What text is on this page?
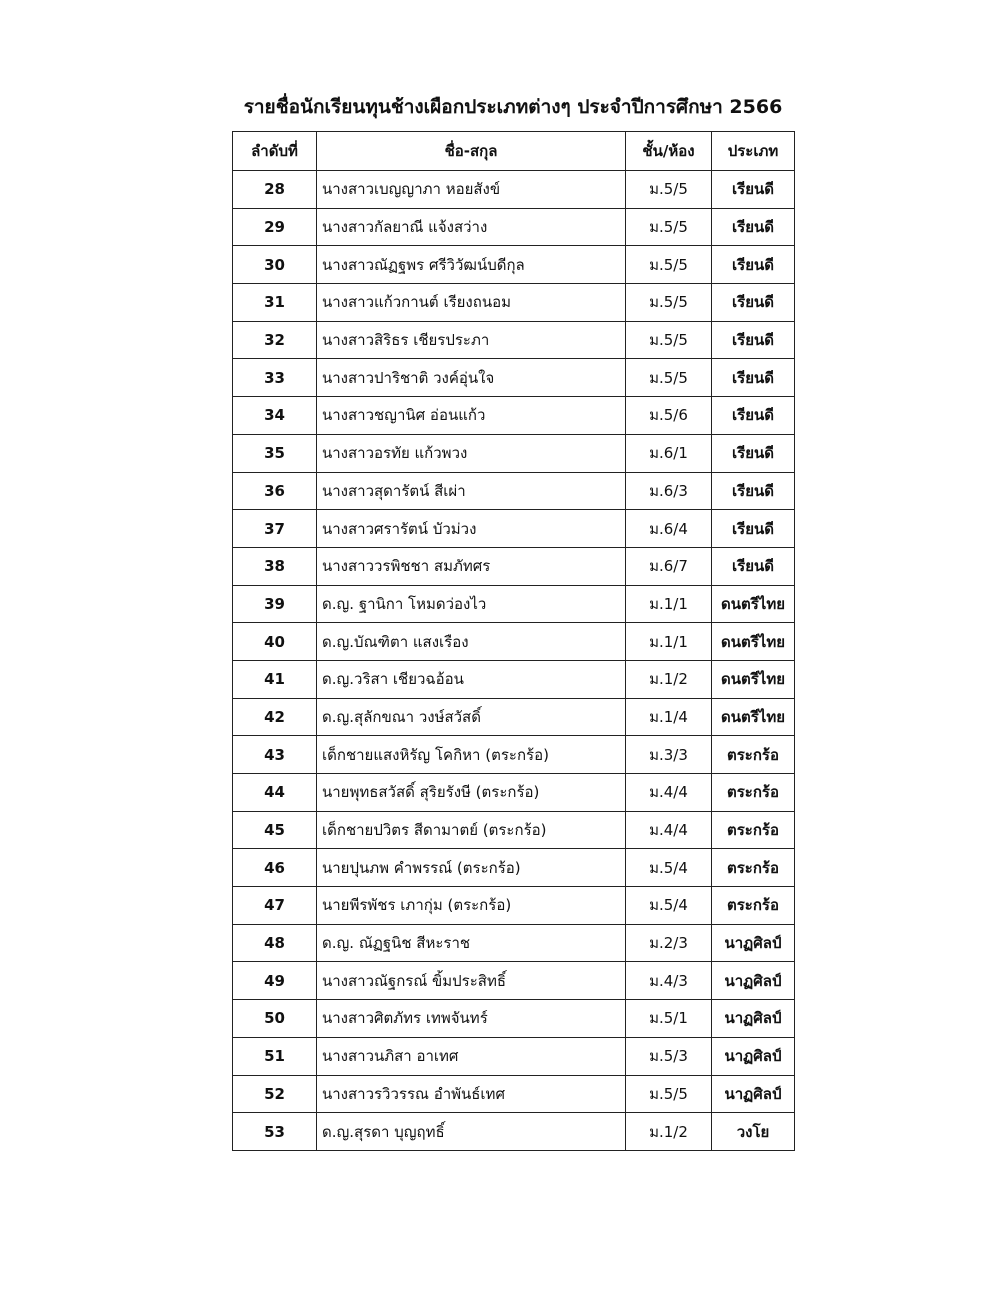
รายชื่อนักเรียนทุนช้างเผือกประเภทต่างๆ ประจำปีการศึกษา 2566
ลำดับที่	ชื่อ-สกุล	ชั้น/ห้อง	ประเภท
28	นางสาวเบญญาภา หอยสังข์	ม.5/5	เรียนดี
29	นางสาวกัลยาณี แจ้งสว่าง	ม.5/5	เรียนดี
30	นางสาวณัฏฐพร ศรีวิวัฒน์บดีกุล	ม.5/5	เรียนดี
31	นางสาวแก้วกานต์ เรียงถนอม	ม.5/5	เรียนดี
32	นางสาวสิริธร เชียรประภา	ม.5/5	เรียนดี
33	นางสาวปาริชาติ วงค์อุ่นใจ	ม.5/5	เรียนดี
34	นางสาวชญานิศ อ่อนแก้ว	ม.5/6	เรียนดี
35	นางสาวอรทัย แก้วพวง	ม.6/1	เรียนดี
36	นางสาวสุดารัตน์ สีเผ่า	ม.6/3	เรียนดี
37	นางสาวศรารัตน์ บัวม่วง	ม.6/4	เรียนดี
38	นางสาววรพิชชา สมภัทศร	ม.6/7	เรียนดี
39	ด.ญ. ฐานิกา โหมดว่องไว	ม.1/1	ดนตรีไทย
40	ด.ญ.บัณฑิตา แสงเรือง	ม.1/1	ดนตรีไทย
41	ด.ญ.วริสา เชียวฉอ้อน	ม.1/2	ดนตรีไทย
42	ด.ญ.สุลักขณา วงษ์สวัสดิ์	ม.1/4	ดนตรีไทย
43	เด็กชายแสงหิรัญ โคกิหา (ตระกร้อ)	ม.3/3	ตระกร้อ
44	นายพุทธสวัสดิ์ สุริยรังษี (ตระกร้อ)	ม.4/4	ตระกร้อ
45	เด็กชายปวิตร สีดามาตย์ (ตระกร้อ)	ม.4/4	ตระกร้อ
46	นายปุนภพ คำพรรณ์ (ตระกร้อ)	ม.5/4	ตระกร้อ
47	นายพีรพัชร เภากุ่ม (ตระกร้อ)	ม.5/4	ตระกร้อ
48	ด.ญ. ณัฏฐนิช สีหะราช	ม.2/3	นาฏศิลป์
49	นางสาวณัฐกรณ์ ขิ้มประสิทธิ์	ม.4/3	นาฏศิลป์
50	นางสาวศิตภัทร เทพจันทร์	ม.5/1	นาฏศิลป์
51	นางสาวนภิสา อาเทศ	ม.5/3	นาฏศิลป์
52	นางสาวรวิวรรณ อำพันธ์เทศ	ม.5/5	นาฏศิลป์
53	ด.ญ.สุรดา บุญฤทธิ์	ม.1/2	วงโย
